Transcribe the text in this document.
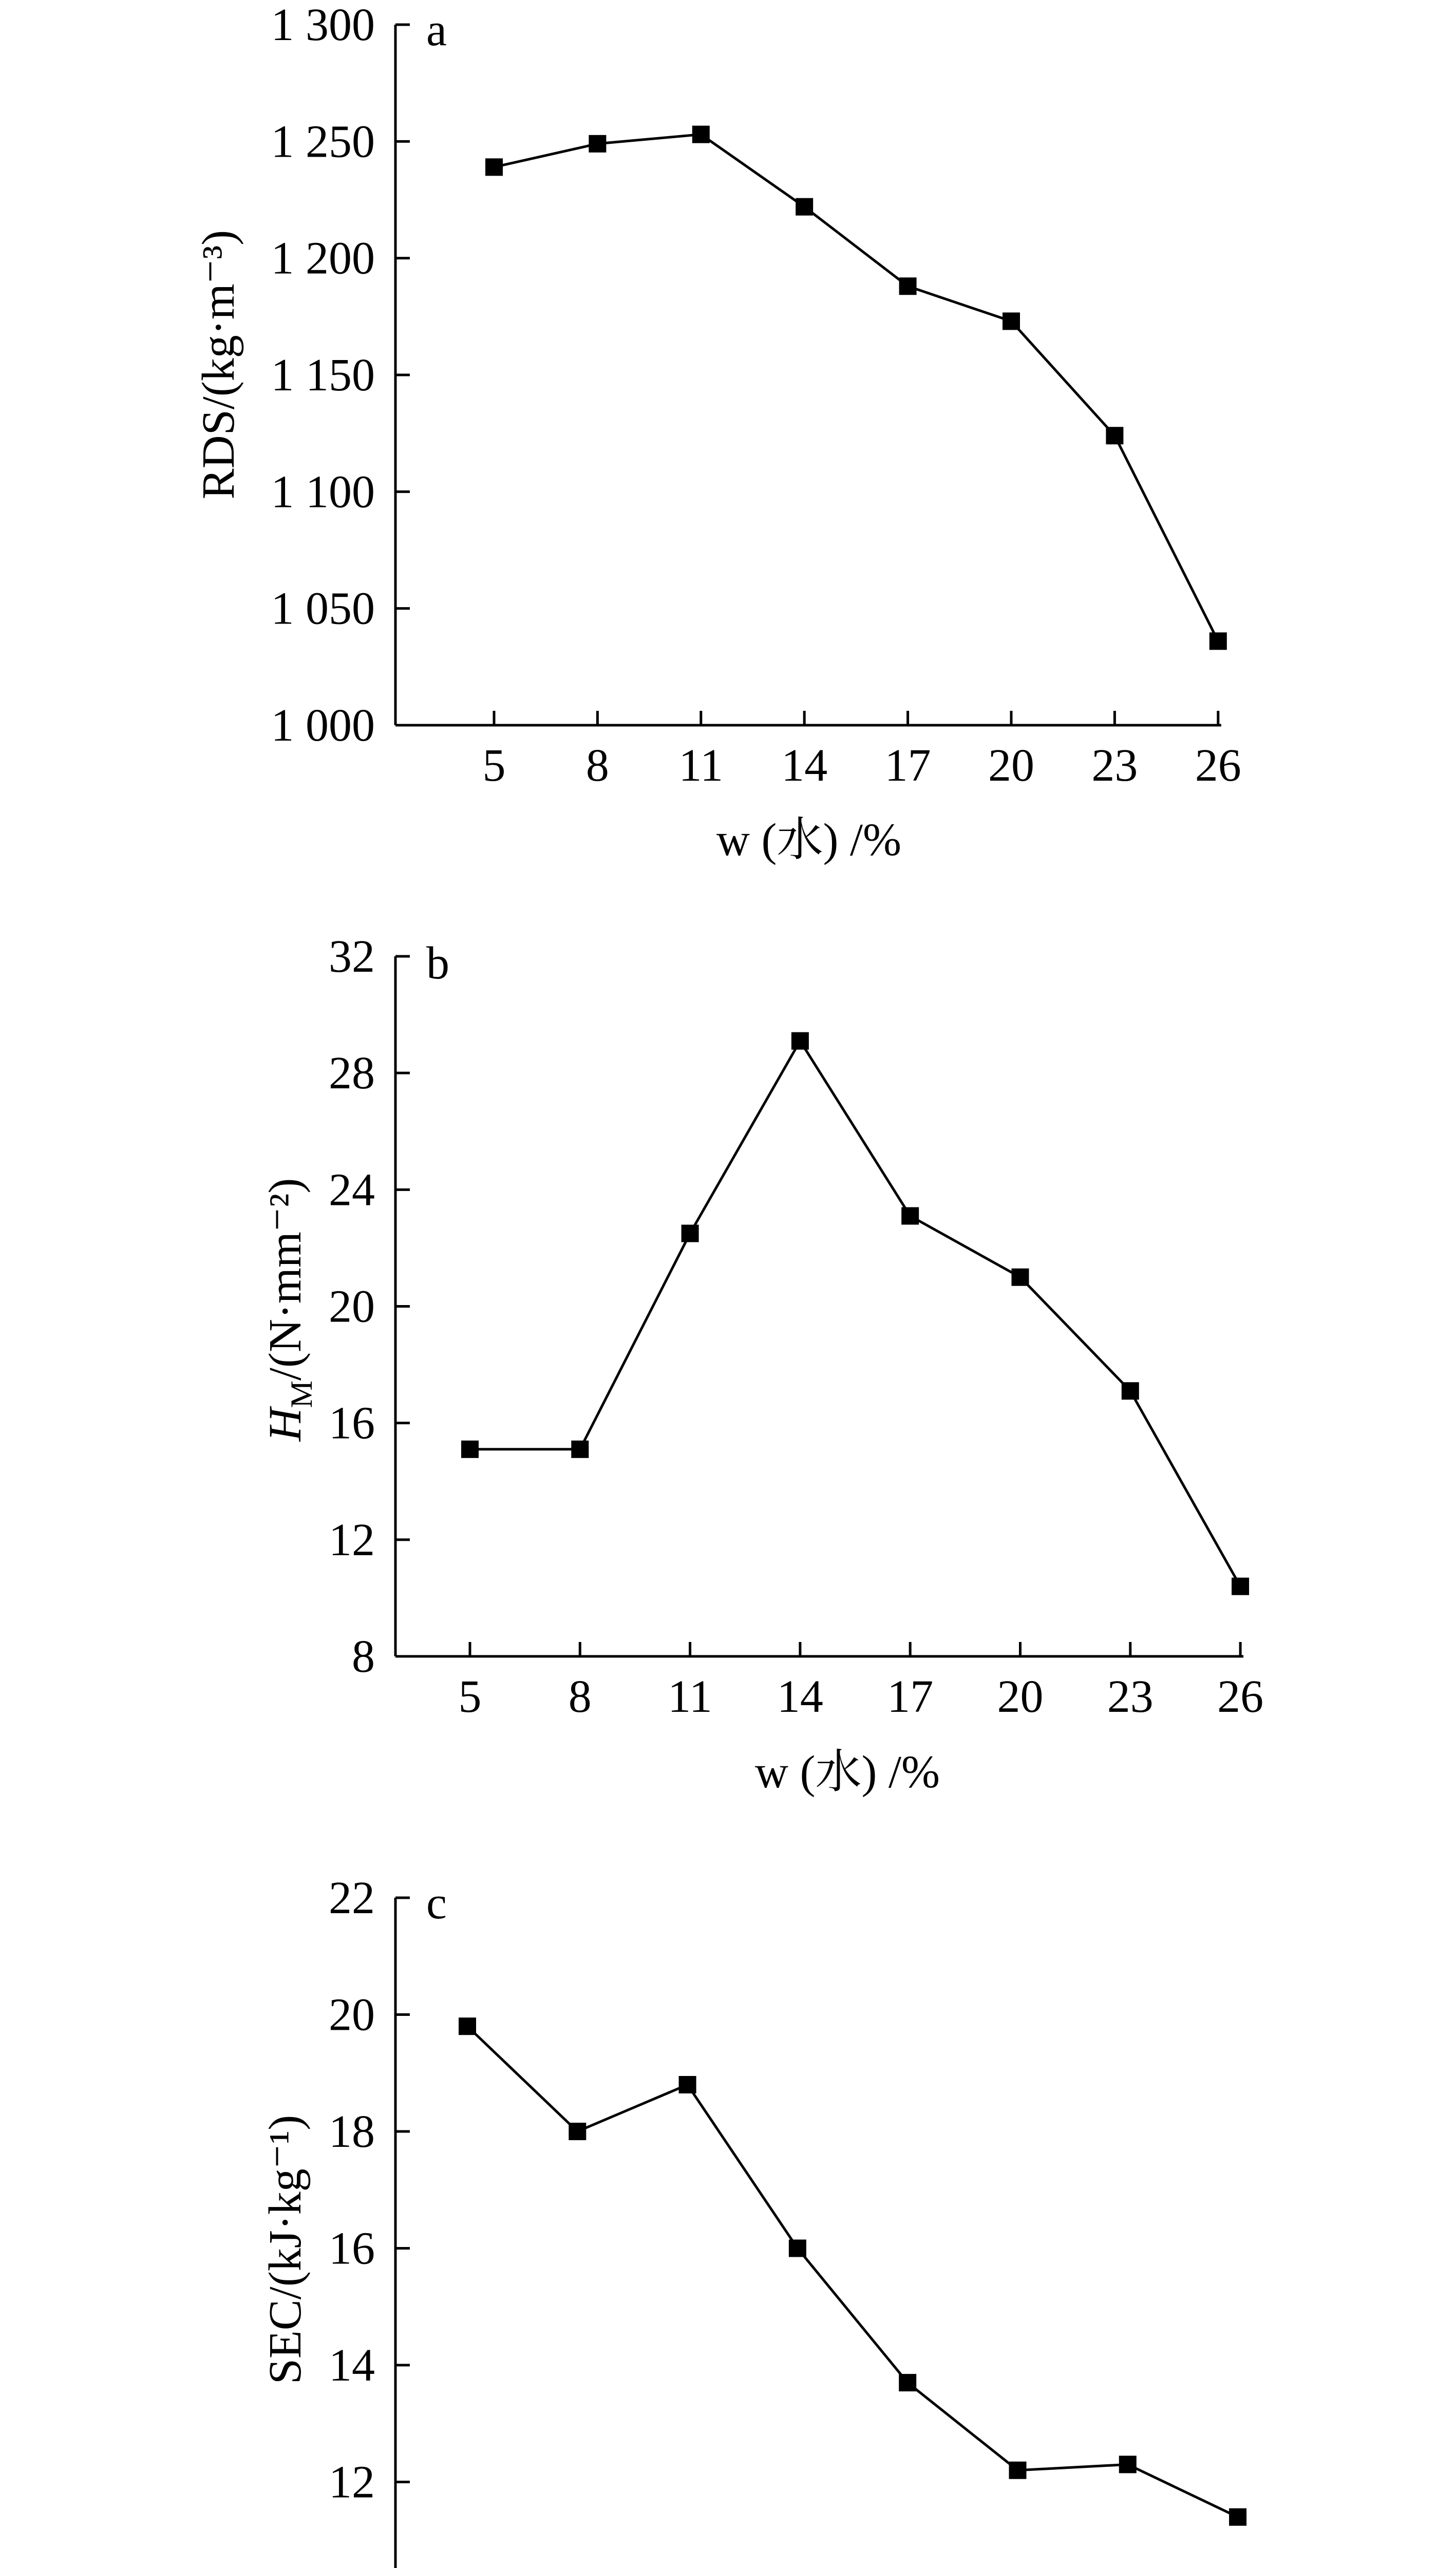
a
1 000
1 050
1 100
1 150
1 200
1 250
1 300
5 8 11 14 17 20 23 26
RDS/(kg·m⁻³)
w (水) /%
b
8
12
16
20
24
28
32
5 8 11 14 17 20 23 26
$H_M/(N\cdot mm^{-2})$
w (水) /%
c
12
14
16
18
20
22
SEC/(kJ·kg⁻¹)
